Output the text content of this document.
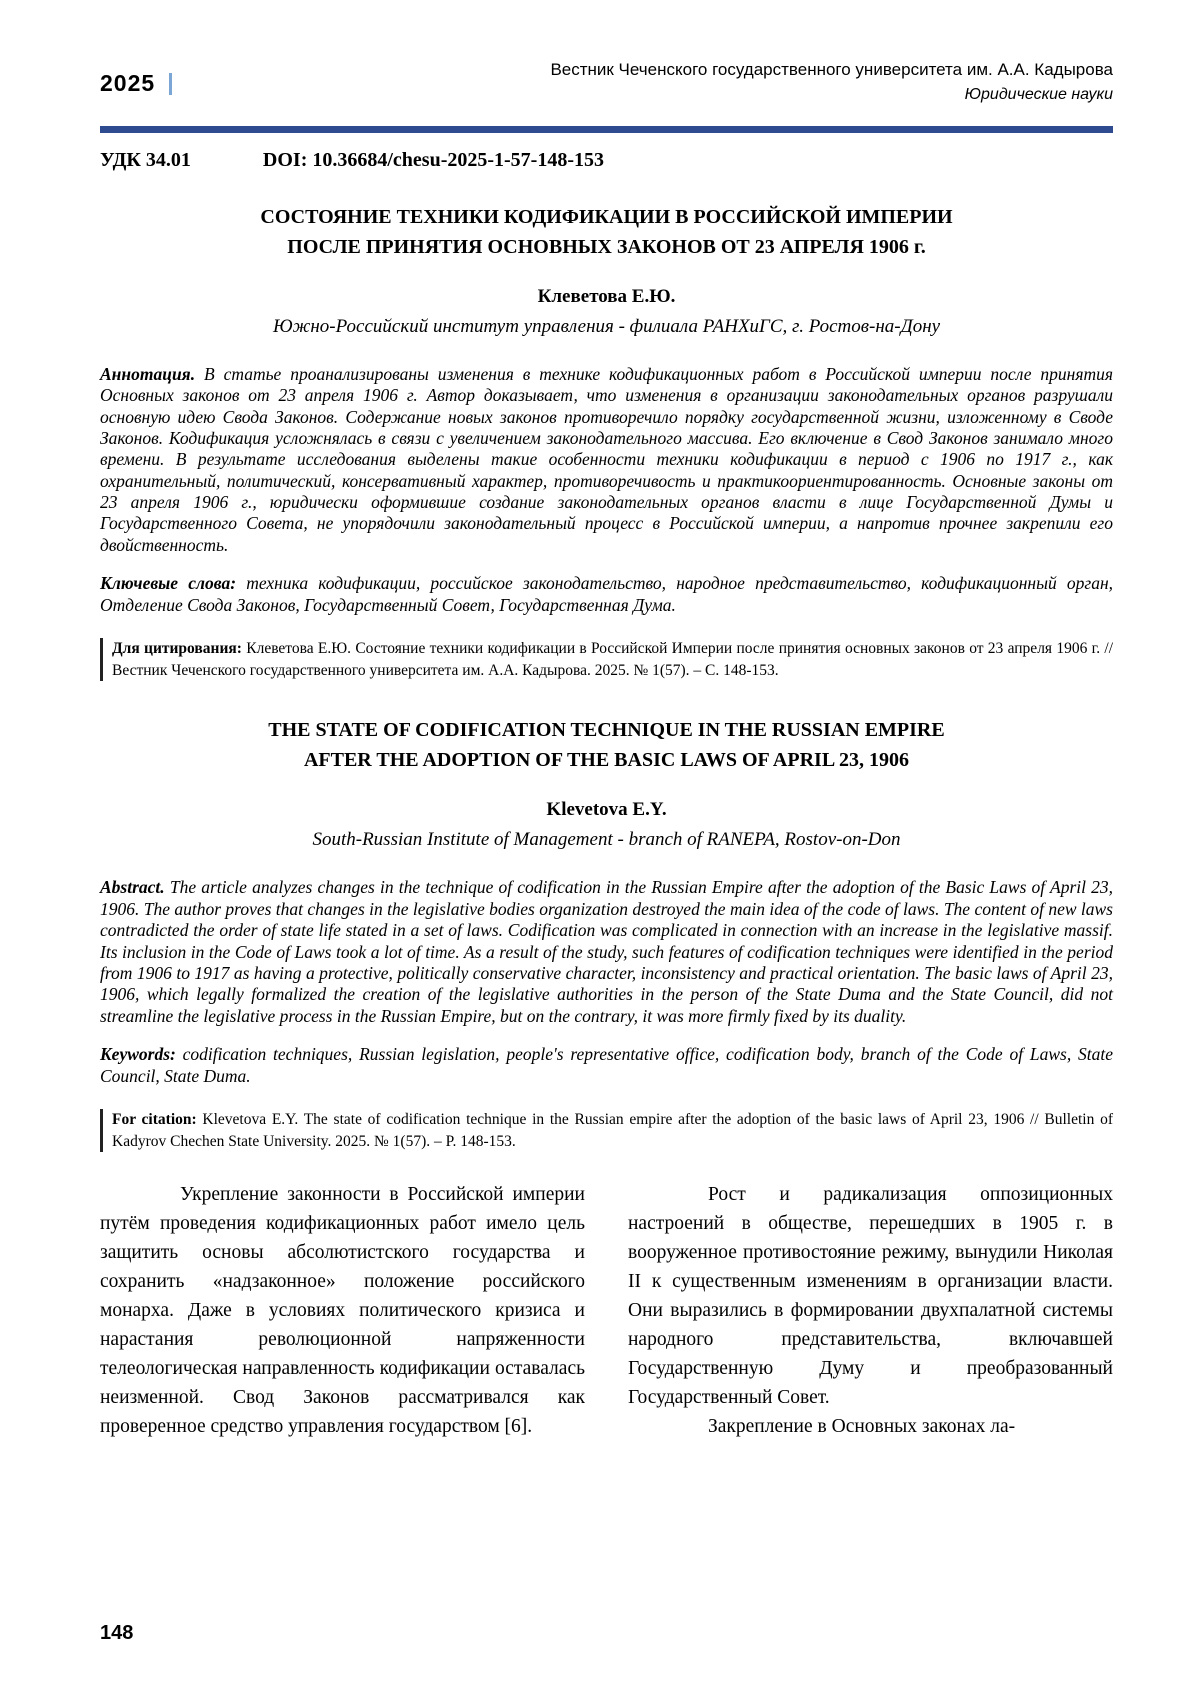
2025
Вестник Чеченского государственного университета им. А.А. Кадырова
Юридические науки
УДК 34.01	DOI: 10.36684/chesu-2025-1-57-148-153
СОСТОЯНИЕ ТЕХНИКИ КОДИФИКАЦИИ В РОССИЙСКОЙ ИМПЕРИИ
ПОСЛЕ ПРИНЯТИЯ ОСНОВНЫХ ЗАКОНОВ ОТ 23 АПРЕЛЯ 1906 г.
Клеветова Е.Ю.
Южно-Российский институт управления - филиала РАНХиГС, г. Ростов-на-Дону

Аннотация. В статье проанализированы изменения в технике кодификационных работ в Российской империи после принятия Основных законов от 23 апреля 1906 г. Автор доказывает, что изменения в организации законодательных органов разрушали основную идею Свода Законов. Содержание новых законов противоречило порядку государственной жизни, изложенному в Своде Законов. Кодификация усложнялась в связи с увеличением законодательного массива. Его включение в Свод Законов занимало много времени. В результате исследования выделены такие особенности техники кодификации в период с 1906 по 1917 г., как охранительный, политический, консервативный характер, противоречивость и практикоориентированность. Основные законы от 23 апреля 1906 г., юридически оформившие создание законодательных органов власти в лице Государственной Думы и Государственного Совета, не упорядочили законодательный процесс в Российской империи, а напротив прочнее закрепили его двойственность.

Ключевые слова: техника кодификации, российское законодательство, народное представительство, кодификационный орган, Отделение Свода Законов, Государственный Совет, Государственная Дума.

Для цитирования: Клеветова Е.Ю. Состояние техники кодификации в Российской Империи после принятия основных законов от 23 апреля 1906 г. // Вестник Чеченского государственного университета им. А.А. Кадырова. 2025. № 1(57). – С. 148-153.
THE STATE OF CODIFICATION TECHNIQUE IN THE RUSSIAN EMPIRE
AFTER THE ADOPTION OF THE BASIC LAWS OF APRIL 23, 1906
Klevetova E.Y.
South-Russian Institute of Management - branch of RANEPA, Rostov-on-Don

Abstract. The article analyzes changes in the technique of codification in the Russian Empire after the adoption of the Basic Laws of April 23, 1906. The author proves that changes in the legislative bodies organization destroyed the main idea of the code of laws. The content of new laws contradicted the order of state life stated in a set of laws. Codification was complicated in connection with an increase in the legislative massif. Its inclusion in the Code of Laws took a lot of time. As a result of the study, such features of codification techniques were identified in the period from 1906 to 1917 as having a protective, politically conservative character, inconsistency and practical orientation. The basic laws of April 23, 1906, which legally formalized the creation of the legislative authorities in the person of the State Duma and the State Council, did not streamline the legislative process in the Russian Empire, but on the contrary, it was more firmly fixed by its duality.

Keywords: codification techniques, Russian legislation, people's representative office, codification body, branch of the Code of Laws, State Council, State Duma.

For citation: Klevetova E.Y. The state of codification technique in the Russian empire after the adoption of the basic laws of April 23, 1906 // Bulletin of Kadyrov Chechen State University. 2025. № 1(57). – P. 148-153.

Укрепление законности в Российской империи путём проведения кодификационных работ имело цель защитить основы абсолютистского государства и сохранить «надзаконное» положение российского монарха. Даже в условиях политического кризиса и нарастания революционной напряженности телеологическая направленность кодификации оставалась неизменной. Свод Законов рассматривался как проверенное средство управления государством [6].

Рост и радикализация оппозиционных настроений в обществе, перешедших в 1905 г. в вооруженное противостояние режиму, вынудили Николая II к существенным изменениям в организации власти. Они выразились в формировании двухпалатной системы народного представительства, включавшей Государственную Думу и преобразованный Государственный Совет.

Закрепление в Основных законах ла-

148
